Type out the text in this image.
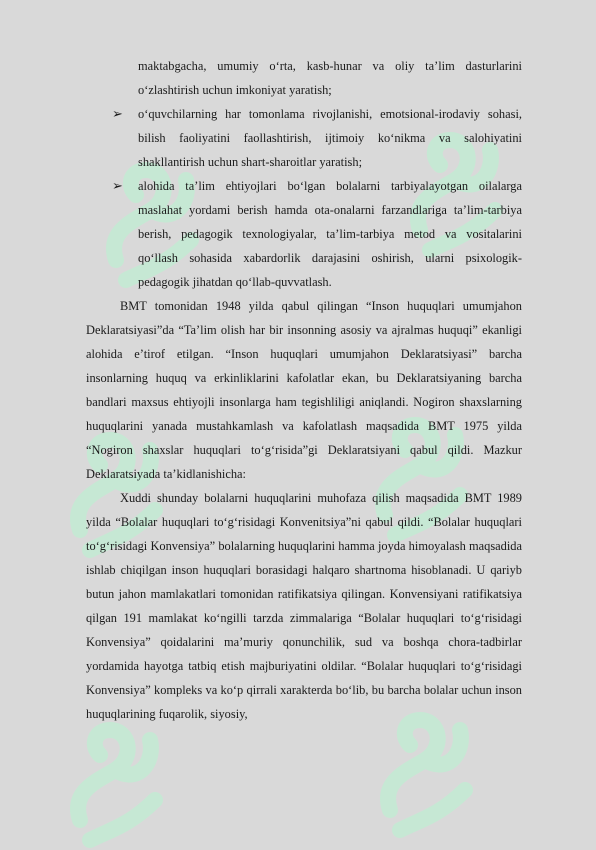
maktabgacha, umumiy o‘rta, kasb-hunar va oliy ta’lim dasturlarini o‘zlashtirish uchun imkoniyat yaratish;
➢ o‘quvchilarning har tomonlama rivojlanishi, emotsional-irodaviy sohasi, bilish faoliyatini faollashtirish, ijtimoiy ko‘nikma va salohiyatini shakllantirish uchun shart-sharoitlar yaratish;
➢ alohida ta’lim ehtiyojlari bo‘lgan bolalarni tarbiyalayotgan oilalarga maslahat yordami berish hamda ota-onalarni farzandlariga ta’lim-tarbiya berish, pedagogik texnologiyalar, ta’lim-tarbiya metod va vositalarini qo‘llash sohasida xabardorlik darajasini oshirish, ularni psixologik- pedagogik jihatdan qo‘llab-quvvatlash.

BMT tomonidan 1948 yilda qabul qilingan “Inson huquqlari umumjahon Deklaratsiyasi”da “Ta’lim olish har bir insonning asosiy va ajralmas huquqi” ekanligi alohida e’tirof etilgan. “Inson huquqlari umumjahon Deklaratsiyasi” barcha insonlarning huquq va erkinliklarini kafolatlar ekan, bu Deklaratsiyaning barcha bandlari maxsus ehtiyojli insonlarga ham tegishliligi aniqlandi. Nogiron shaxslarning huquqlarini yanada mustahkamlash va kafolatlash maqsadida BMT 1975 yilda “Nogiron shaxslar huquqlari to‘g‘risida”gi Deklaratsiyani qabul qildi. Mazkur Deklaratsiyada ta’kidlanishicha:

Xuddi shunday bolalarni huquqlarini muhofaza qilish maqsadida BMT 1989 yilda “Bolalar huquqlari to‘g‘risidagi Konvenitsiya”ni qabul qildi. “Bolalar huquqlari to‘g‘risidagi Konvensiya” bolalarning huquqlarini hamma joyda himoyalash maqsadida ishlab chiqilgan inson huquqlari borasidagi halqaro shartnoma hisoblanadi. U qariyb butun jahon mamlakatlari tomonidan ratifikatsiya qilingan. Konvensiyani ratifikatsiya qilgan 191 mamlakat ko‘ngilli tarzda zimmalariga “Bolalar huquqlari to‘g‘risidagi Konvensiya” qoidalarini ma’muriy qonunchilik, sud va boshqa chora-tadbirlar yordamida hayotga tatbiq etish majburiyatini oldilar. “Bolalar huquqlari to‘g‘risidagi Konvensiya” kompleks va ko‘p qirrali xarakterda bo‘lib, bu barcha bolalar uchun inson huquqlarining fuqarolik, siyosiy,
